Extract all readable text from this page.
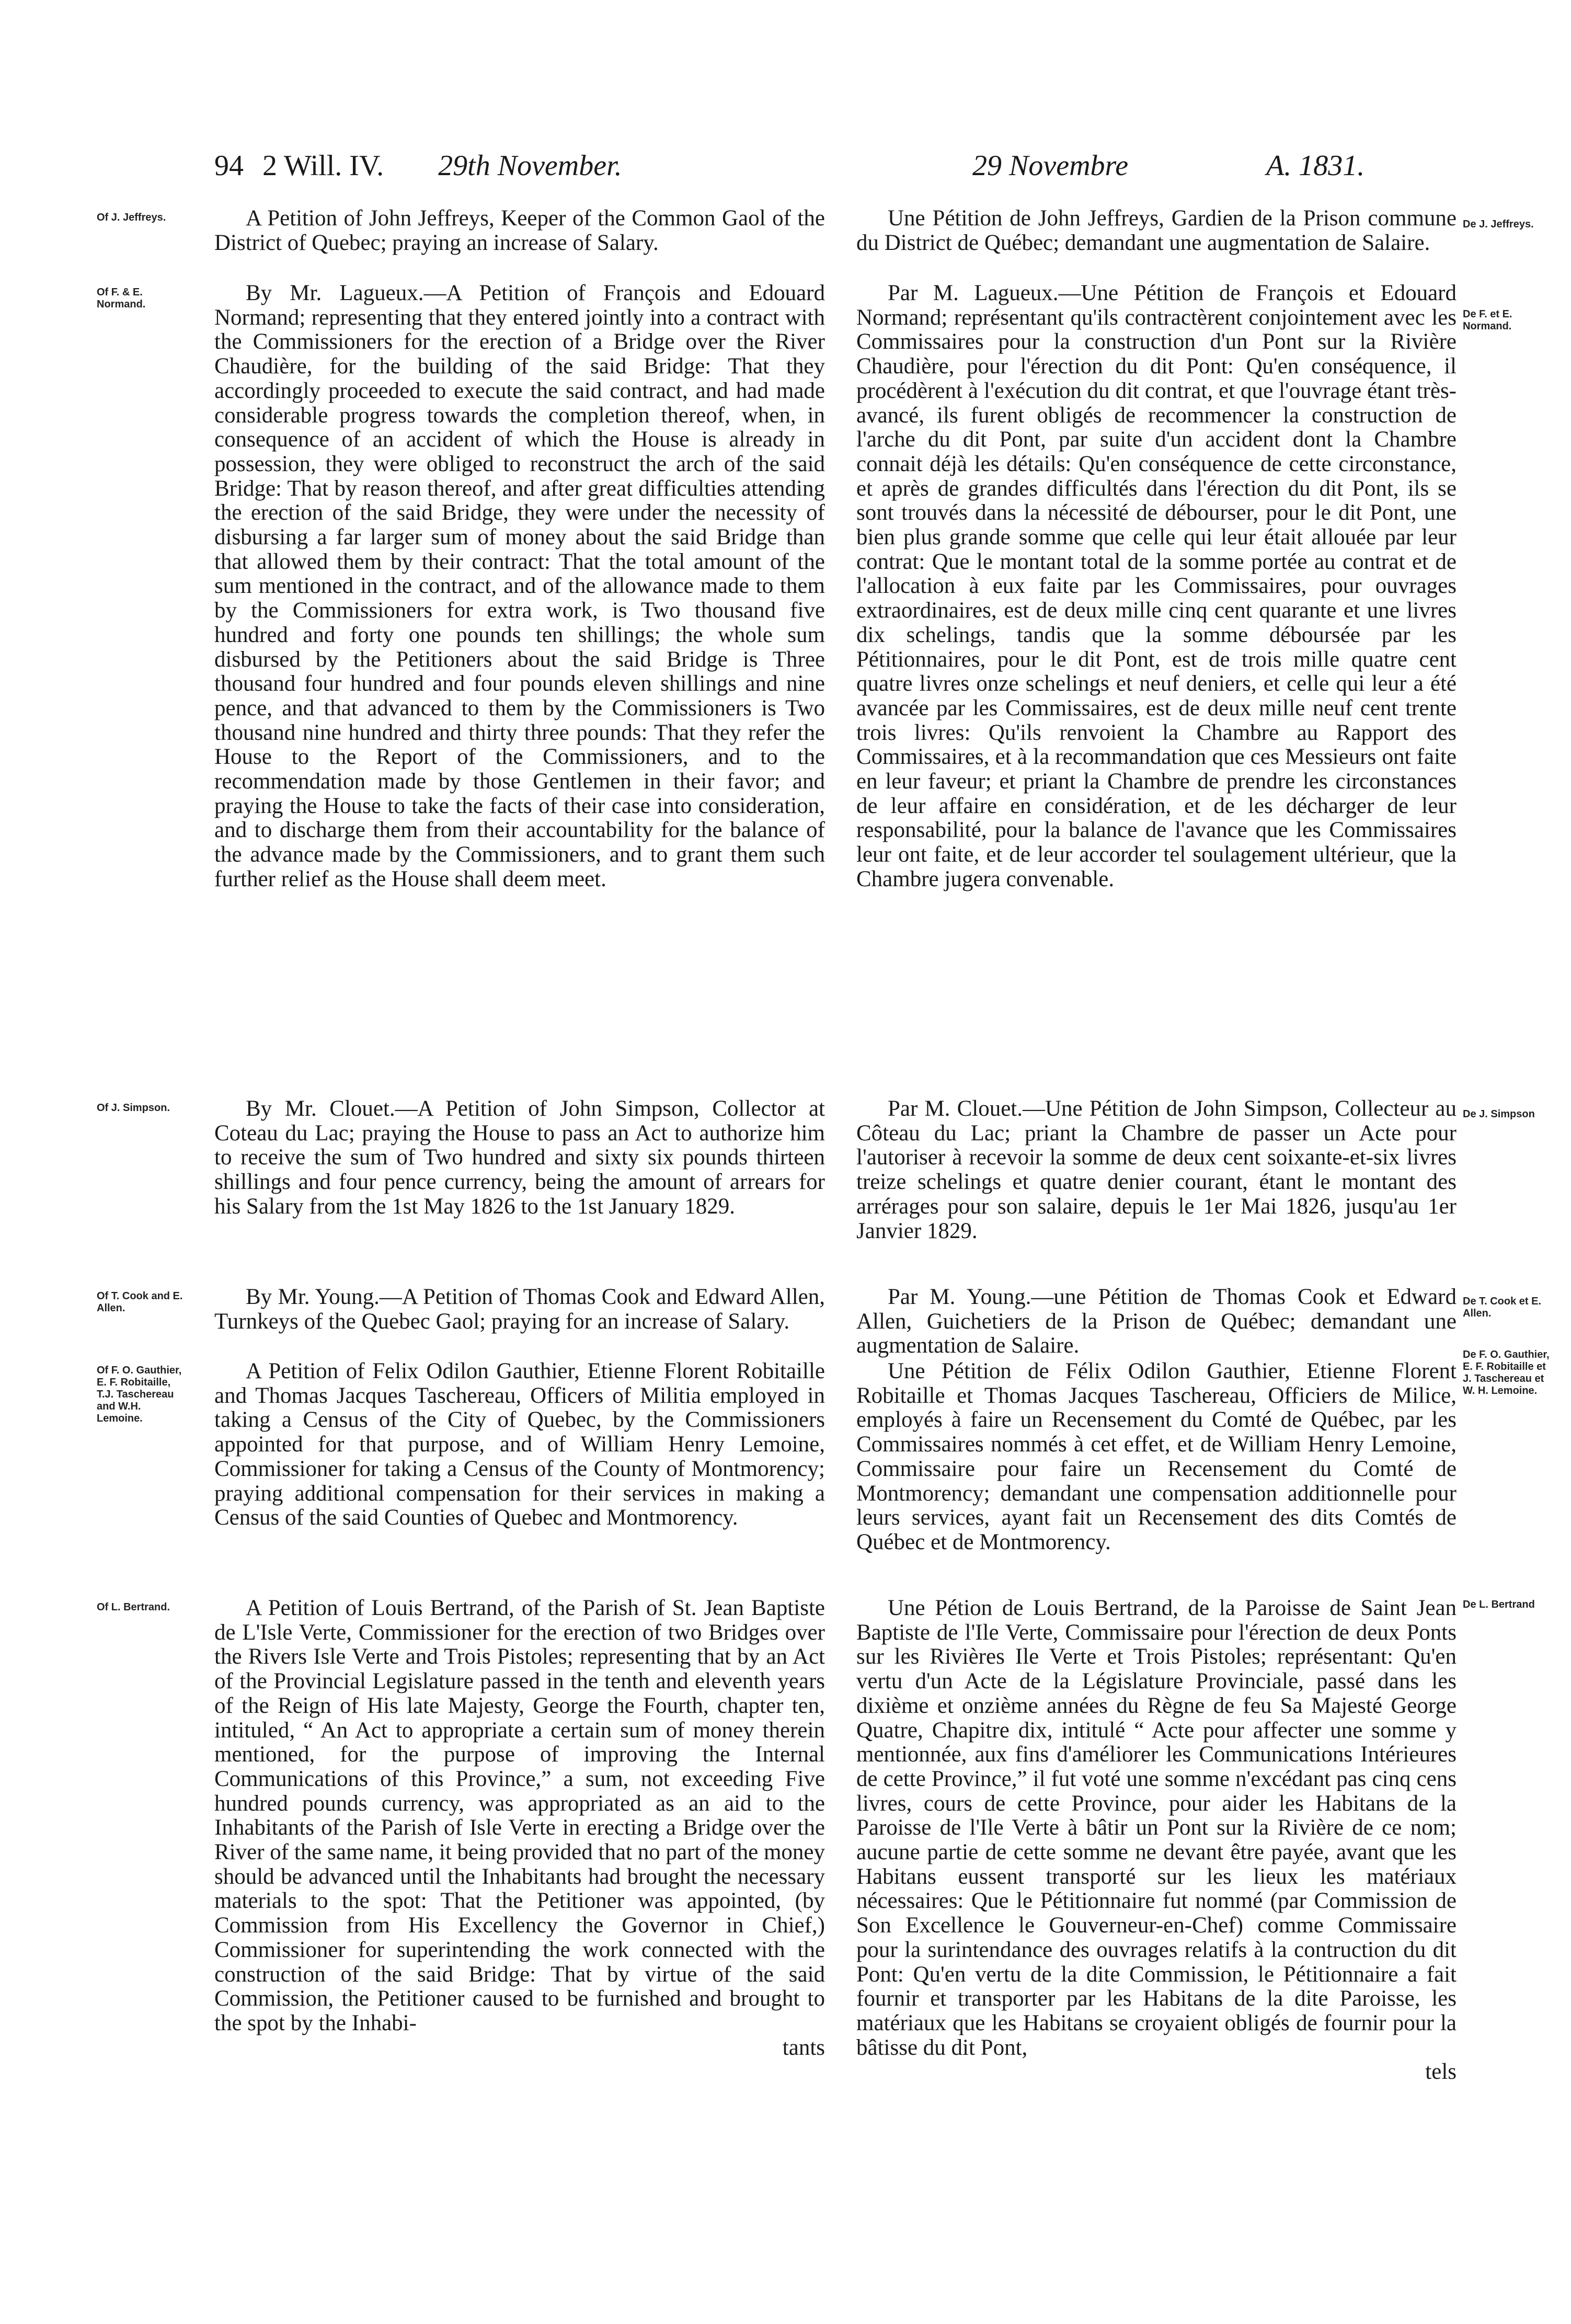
94 2 Will. IV. 29th November.	29 Novembre	A. 1831.
Of J. Jeffreys.
Of F. & E. Normand.
Of J. Simpson.
Of T. Cook and E. Allen.
Of F. O. Gauthier, E. F. Robitaille, T.J. Taschereau and W.H. Lemoine.
Of L. Bertrand.

A Petition of John Jeffreys, Keeper of the Common Gaol of the District of Quebec; praying an increase of Salary.

By Mr. Lagueux.—A Petition of François and Edouard Normand; representing that they entered jointly into a contract with the Commissioners for the erection of a Bridge over the River Chaudière, for the building of the said Bridge: That they accordingly proceeded to execute the said contract, and had made considerable progress towards the completion thereof, when, in consequence of an accident of which the House is already in possession, they were obliged to reconstruct the arch of the said Bridge: That by reason thereof, and after great difficulties attending the erection of the said Bridge, they were under the necessity of disbursing a far larger sum of money about the said Bridge than that allowed them by their contract: That the total amount of the sum mentioned in the contract, and of the allowance made to them by the Commissioners for extra work, is Two thousand five hundred and forty one pounds ten shillings; the whole sum disbursed by the Petitioners about the said Bridge is Three thousand four hundred and four pounds eleven shillings and nine pence, and that advanced to them by the Commissioners is Two thousand nine hundred and thirty three pounds: That they refer the House to the Report of the Commissioners, and to the recommendation made by those Gentlemen in their favor; and praying the House to take the facts of their case into consideration, and to discharge them from their accountability for the balance of the advance made by the Commissioners, and to grant them such further relief as the House shall deem meet.

By Mr. Clouet.—A Petition of John Simpson, Collector at Coteau du Lac; praying the House to pass an Act to authorize him to receive the sum of Two hundred and sixty six pounds thirteen shillings and four pence currency, being the amount of arrears for his Salary from the 1st May 1826 to the 1st January 1829.

By Mr. Young.—A Petition of Thomas Cook and Edward Allen, Turnkeys of the Quebec Gaol; praying for an increase of Salary.

A Petition of Felix Odilon Gauthier, Etienne Florent Robitaille and Thomas Jacques Taschereau, Officers of Militia employed in taking a Census of the City of Quebec, by the Commissioners appointed for that purpose, and of William Henry Lemoine, Commissioner for taking a Census of the County of Montmorency; praying additional compensation for their services in making a Census of the said Counties of Quebec and Montmorency.

A Petition of Louis Bertrand, of the Parish of St. Jean Baptiste de L'Isle Verte, Commissioner for the erection of two Bridges over the Rivers Isle Verte and Trois Pistoles; representing that by an Act of the Provincial Legislature passed in the tenth and eleventh years of the Reign of His late Majesty, George the Fourth, chapter ten, intituled, “ An Act to appropriate a certain sum of money therein mentioned, for the purpose of improving the Internal Communications of this Province,” a sum, not exceeding Five hundred pounds currency, was appropriated as an aid to the Inhabitants of the Parish of Isle Verte in erecting a Bridge over the River of the same name, it being provided that no part of the money should be advanced until the Inhabitants had brought the necessary materials to the spot: That the Petitioner was appointed, (by Commission from His Excellency the Governor in Chief,) Commissioner for superintending the work connected with the construction of the said Bridge: That by virtue of the said Commission, the Petitioner caused to be furnished and brought to the spot by the Inhabi-

tants

Une Pétition de John Jeffreys, Gardien de la Prison commune du District de Québec; demandant une augmentation de Salaire.

Par M. Lagueux.—Une Pétition de François et Edouard Normand; représentant qu'ils contractèrent conjointement avec les Commissaires pour la construction d'un Pont sur la Rivière Chaudière, pour l'érection du dit Pont: Qu'en conséquence, il procédèrent à l'exécution du dit contrat, et que l'ouvrage étant très-avancé, ils furent obligés de recommencer la construction de l'arche du dit Pont, par suite d'un accident dont la Chambre connait déjà les détails: Qu'en conséquence de cette circonstance, et après de grandes difficultés dans l'érection du dit Pont, ils se sont trouvés dans la nécessité de débourser, pour le dit Pont, une bien plus grande somme que celle qui leur était allouée par leur contrat: Que le montant total de la somme portée au contrat et de l'allocation à eux faite par les Commissaires, pour ouvrages extraordinaires, est de deux mille cinq cent quarante et une livres dix schelings, tandis que la somme déboursée par les Pétitionnaires, pour le dit Pont, est de trois mille quatre cent quatre livres onze schelings et neuf deniers, et celle qui leur a été avancée par les Commissaires, est de deux mille neuf cent trente trois livres: Qu'ils renvoient la Chambre au Rapport des Commissaires, et à la recommandation que ces Messieurs ont faite en leur faveur; et priant la Chambre de prendre les circonstances de leur affaire en considération, et de les décharger de leur responsabilité, pour la balance de l'avance que les Commissaires leur ont faite, et de leur accorder tel soulagement ultérieur, que la Chambre jugera convenable.

Par M. Clouet.—Une Pétition de John Simpson, Collecteur au Côteau du Lac; priant la Chambre de passer un Acte pour l'autoriser à recevoir la somme de deux cent soixante-et-six livres treize schelings et quatre denier courant, étant le montant des arrérages pour son salaire, depuis le 1er Mai 1826, jusqu'au 1er Janvier 1829.

Par M. Young.—une Pétition de Thomas Cook et Edward Allen, Guichetiers de la Prison de Québec; demandant une augmentation de Salaire.

Une Pétition de Félix Odilon Gauthier, Etienne Florent Robitaille et Thomas Jacques Taschereau, Officiers de Milice, employés à faire un Recensement du Comté de Québec, par les Commissaires nommés à cet effet, et de William Henry Lemoine, Commissaire pour faire un Recensement du Comté de Montmorency; demandant une compensation additionnelle pour leurs services, ayant fait un Recensement des dits Comtés de Québec et de Montmorency.

Une Pétion de Louis Bertrand, de la Paroisse de Saint Jean Baptiste de l'Ile Verte, Commissaire pour l'érection de deux Ponts sur les Rivières Ile Verte et Trois Pistoles; représentant: Qu'en vertu d'un Acte de la Législature Provinciale, passé dans les dixième et onzième années du Règne de feu Sa Majesté George Quatre, Chapitre dix, intitulé “ Acte pour affecter une somme y mentionnée, aux fins d'améliorer les Communications Intérieures de cette Province,” il fut voté une somme n'excédant pas cinq cens livres, cours de cette Province, pour aider les Habitans de la Paroisse de l'Ile Verte à bâtir un Pont sur la Rivière de ce nom; aucune partie de cette somme ne devant être payée, avant que les Habitans eussent transporté sur les lieux les matériaux nécessaires: Que le Pétitionnaire fut nommé (par Commission de Son Excellence le Gouverneur-en-Chef) comme Commissaire pour la surintendance des ouvrages relatifs à la contruction du dit Pont: Qu'en vertu de la dite Commission, le Pétitionnaire a fait fournir et transporter par les Habitans de la dite Paroisse, les matériaux que les Habitans se croyaient obligés de fournir pour la bâtisse du dit Pont,

tels

De J. Jeffreys.
De F. et E. Normand.
De J. Simpson
De T. Cook et E. Allen.
De F. O. Gauthier, E. F. Robitaille et J. Taschereau et W. H. Lemoine.
De L. Bertrand
